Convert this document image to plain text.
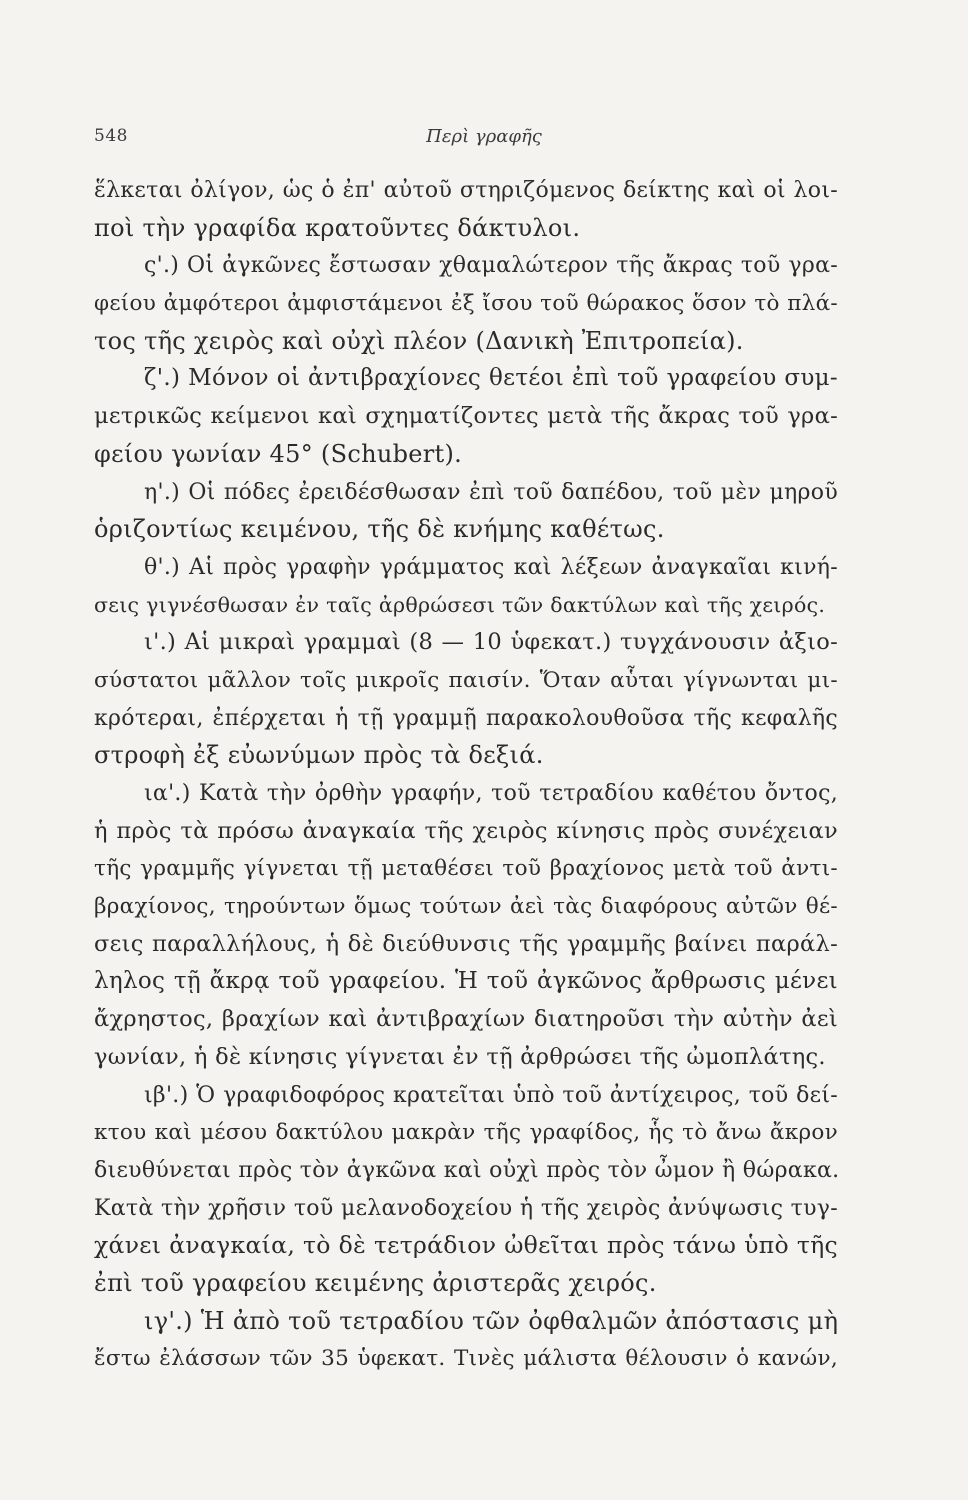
548	Περὶ γραφῆς
ἕλκεται ὀλίγον, ὡς ὁ ἐπ' αὐτοῦ στηριζόμενος δείκτης καὶ οἱ λοι-
ποὶ τὴν γραφίδα κρατοῦντες δάκτυλοι.
ς'.) Οἱ ἀγκῶνες ἔστωσαν χθαμαλώτερον τῆς ἄκρας τοῦ γρα-
φείου ἀμφότεροι ἀμφιστάμενοι ἐξ ἴσου τοῦ θώρακος ὅσον τὸ πλά-
τος τῆς χειρὸς καὶ οὐχὶ πλέον (Δανικὴ Ἐπιτροπεία).
ζ'.) Μόνον οἱ ἀντιβραχίονες θετέοι ἐπὶ τοῦ γραφείου συμ-
μετρικῶς κείμενοι καὶ σχηματίζοντες μετὰ τῆς ἄκρας τοῦ γρα-
φείου γωνίαν 45° (Schubert).
η'.) Οἱ πόδες ἐρειδέσθωσαν ἐπὶ τοῦ δαπέδου, τοῦ μὲν μηροῦ
ὁριζοντίως κειμένου, τῆς δὲ κνήμης καθέτως.
θ'.) Αἱ πρὸς γραφὴν γράμματος καὶ λέξεων ἀναγκαῖαι κινή-
σεις γιγνέσθωσαν ἐν ταῖς ἀρθρώσεσι τῶν δακτύλων καὶ τῆς χειρός.
ι'.) Αἱ μικραὶ γραμμαὶ (8 — 10 ὑφεκατ.) τυγχάνουσιν ἀξιο-
σύστατοι μᾶλλον τοῖς μικροῖς παισίν. Ὅταν αὗται γίγνωνται μι-
κρότεραι, ἐπέρχεται ἡ τῇ γραμμῇ παρακολουθοῦσα τῆς κεφαλῆς
στροφὴ ἐξ εὐωνύμων πρὸς τὰ δεξιά.
ια'.) Κατὰ τὴν ὀρθὴν γραφήν, τοῦ τετραδίου καθέτου ὄντος,
ἡ πρὸς τὰ πρόσω ἀναγκαία τῆς χειρὸς κίνησις πρὸς συνέχειαν
τῆς γραμμῆς γίγνεται τῇ μεταθέσει τοῦ βραχίονος μετὰ τοῦ ἀντι-
βραχίονος, τηρούντων ὅμως τούτων ἀεὶ τὰς διαφόρους αὐτῶν θέ-
σεις παραλλήλους, ἡ δὲ διεύθυνσις τῆς γραμμῆς βαίνει παράλ-
ληλος τῇ ἄκρᾳ τοῦ γραφείου. Ἡ τοῦ ἀγκῶνος ἄρθρωσις μένει
ἄχρηστος, βραχίων καὶ ἀντιβραχίων διατηροῦσι τὴν αὐτὴν ἀεὶ
γωνίαν, ἡ δὲ κίνησις γίγνεται ἐν τῇ ἀρθρώσει τῆς ὠμοπλάτης.
ιβ'.) Ὁ γραφιδοφόρος κρατεῖται ὑπὸ τοῦ ἀντίχειρος, τοῦ δεί-
κτου καὶ μέσου δακτύλου μακρὰν τῆς γραφίδος, ἧς τὸ ἄνω ἄκρον
διευθύνεται πρὸς τὸν ἀγκῶνα καὶ οὐχὶ πρὸς τὸν ὦμον ἢ θώρακα.
Κατὰ τὴν χρῆσιν τοῦ μελανοδοχείου ἡ τῆς χειρὸς ἀνύψωσις τυγ-
χάνει ἀναγκαία, τὸ δὲ τετράδιον ὠθεῖται πρὸς τάνω ὑπὸ τῆς
ἐπὶ τοῦ γραφείου κειμένης ἀριστερᾶς χειρός.
ιγ'.) Ἡ ἀπὸ τοῦ τετραδίου τῶν ὀφθαλμῶν ἀπόστασις μὴ
ἔστω ἐλάσσων τῶν 35 ὑφεκατ. Τινὲς μάλιστα θέλουσιν ὁ κανών,
